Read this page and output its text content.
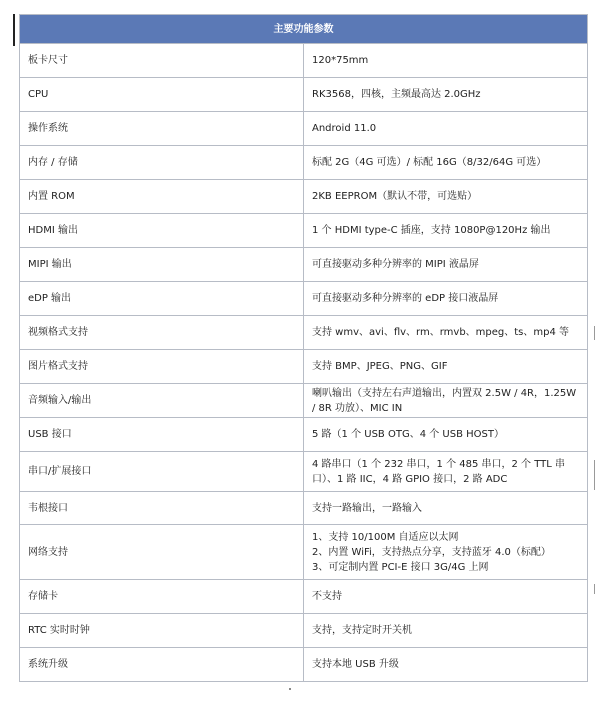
主要功能参数	
板卡尺寸	120*75mm
CPU	RK3568，四核，主频最高达 2.0GHz
操作系统	Android 11.0
内存 / 存储	标配 2G（4G 可选）/ 标配 16G（8/32/64G 可选）
内置 ROM	2KB EEPROM（默认不带，可选贴）
HDMI 输出	1 个 HDMI type-C 插座，支持 1080P@120Hz 输出
MIPI 输出	可直接驱动多种分辨率的 MIPI 液晶屏
eDP 输出	可直接驱动多种分辨率的 eDP 接口液晶屏
视频格式支持	支持 wmv、avi、flv、rm、rmvb、mpeg、ts、mp4 等
图片格式支持	支持 BMP、JPEG、PNG、GIF
音频输入/输出	喇叭输出（支持左右声道输出，内置双 2.5W / 4R，1.25W / 8R 功放）、MIC IN
USB 接口	5 路（1 个 USB OTG、4 个 USB HOST）
串口/扩展接口	4 路串口（1 个 232 串口，1 个 485 串口，2 个 TTL 串口）、1 路 IIC，4 路 GPIO 接口，2 路 ADC
韦根接口	支持一路输出，一路输入
网络支持	1、支持 10/100M 自适应以太网
2、内置 WiFi，支持热点分享，支持蓝牙 4.0（标配）
3、可定制内置 PCI-E 接口 3G/4G 上网

存储卡	不支持
RTC 实时时钟	支持，支持定时开关机
系统升级	支持本地 USB 升级
